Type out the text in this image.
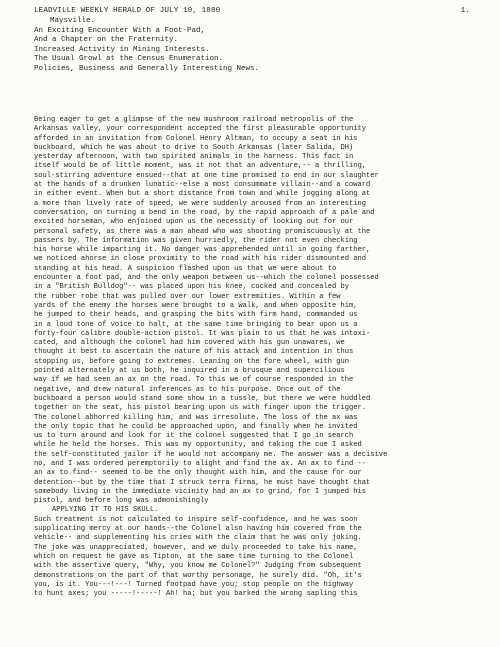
LEADVILLE WEEKLY HERALD OF JULY 10, 1880	1.
Maysville.
An Exciting Encounter With a Foot-Pad,
And a Chapter on the Fraternity.
Increased Activity in Mining Interests.
The Usual Growl at the Census Enumeration.
Policies, Business and Generally Interesting News.
Being eager to get a glimpse of the new mushroom railroad metropolis of the
Arkansas valley, your correspondent accepted the first pleasurable opportunity
afforded in an invitation from Colonel Henry Altman, to occupy a seat in his
buckboard, which he was about to drive to South Arkansas (later Salida, DH)
yesterday afternoon, with two spirited animals in the harness. This fact in
itself would be of little moment, was it not that an adventure,-- a thrilling,
soul-stirring adventure ensued--that at one time promised to end in our slaughter
at the hands of a drunken lunatic--else a most consummate villain--and a coward
in either event. When but a short distance from town and while jogging along at
a more than lively rate of speed, we were suddenly aroused from an interesting
conversation, on turning a bend in the road, by the rapid approach of a pale and
excited horseman, who enjoined upon us the necessity of looking out for our
personal safety, as there was a man ahead who was shooting promiscuously at the
passers by. The information was given hurriedly, the rider not even checking
his horse while imparting it. No danger was apprehended until in going farther,
we noticed ahorse in close proximity to the road with his rider dismounted and
standing at his head. A suspicion flashed upon us that we were about to
encounter a foot pad, and the only weapon between us--which the colonel possessed
in a "British Bulldog"-- was placed upon his knee, cocked and concealed by
the rubber robe that was pulled over our lower extremities. Within a few
yards of the enemy the horses were brought to a walk, and when opposite him,
he jumped to their heads, and grasping the bits with firm hand, commanded us
in a loud tone of voice to halt, at the same time bringing to bear upon us a
forty-four calibre double-action pistol. It was plain to us that he was intoxi-
cated, and although the colonel had him covered with his gun unawares, we
thought it best to ascertain the nature of his attack and intention in thus
stopping us, before going to extremes. Leaning on the fore wheel, with gun
pointed alternately at us both, he inquired in a brusque and supercilious
way if we had seen an ax on the road. To this we of course responded in the
negative, and drew natural inferences as to his purpose. Once out of the
buckboard a person would stand some show in a tussle, but there we were huddled
together on the seat, his pistol bearing upon us with finger upon the trigger.
The colonel abhorred killing him, and was irresolute. The loss of the ax was
the only topic that he could be approached upon, and finally when he invited
us to turn around and look for it the colonel suggested that I go in search
while he held the horses. This was my opportunity, and taking the cue I asked
the self-constituted jailor if he would not accompany me. The answer was a decisive
no, and I was ordered peremptorily to alight and find the ax. An ax to find --
an ax to find-- seemed to be the only thought with him, and the cause for our
detention--but by the time that I struck terra firma, he must have thought that
somebody living in the immediate vicinity had an ax to grind, for I jumped his
pistol, and before long was admonishingly
APPLYING IT TO HIS SKULL.
Such treatment is not calculated to inspire self-confidence, and he was soon
supplicating mercy at our hands--the Colonel also having him covered from the
vehicle-- and supplementing his cries with the claim that he was only joking.
The joke was unappreciated, however, and we duly proceeded to take his name,
which on request he gave as Tipton, at the same time turning to the Colonel
with the assertive query, "Why, you know me Colonel?" Judging from subsequent
demonstrations on the part of that worthy personage, he surely did. "Oh, it's
you, is it. You---!---! Turned footpad have you; stop people on the highway
to hunt axes; you -----!-----! Ah! ha; but you barked the wrong sapling this
